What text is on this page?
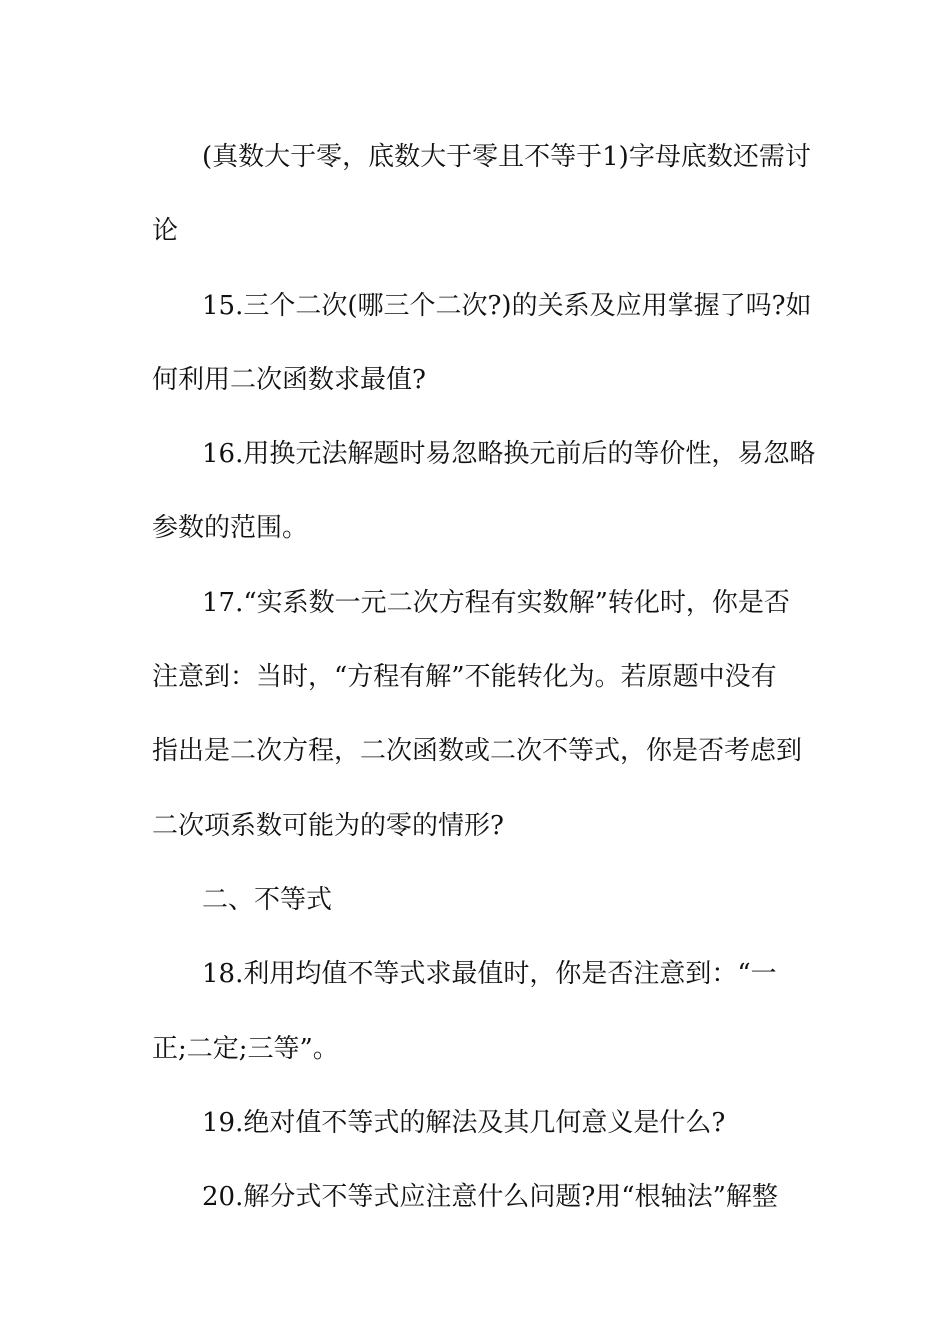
(真数大于零，底数大于零且不等于1)字母底数还需讨
论
15.三个二次(哪三个二次?)的关系及应用掌握了吗?如
何利用二次函数求最值?
16.用换元法解题时易忽略换元前后的等价性，易忽略
参数的范围。
17.“实系数一元二次方程有实数解”转化时，你是否
注意到：当时，“方程有解”不能转化为。若原题中没有
指出是二次方程，二次函数或二次不等式，你是否考虑到
二次项系数可能为的零的情形?
二、不等式
18.利用均值不等式求最值时，你是否注意到：“一
正;二定;三等”。
19.绝对值不等式的解法及其几何意义是什么?
20.解分式不等式应注意什么问题?用“根轴法”解整
